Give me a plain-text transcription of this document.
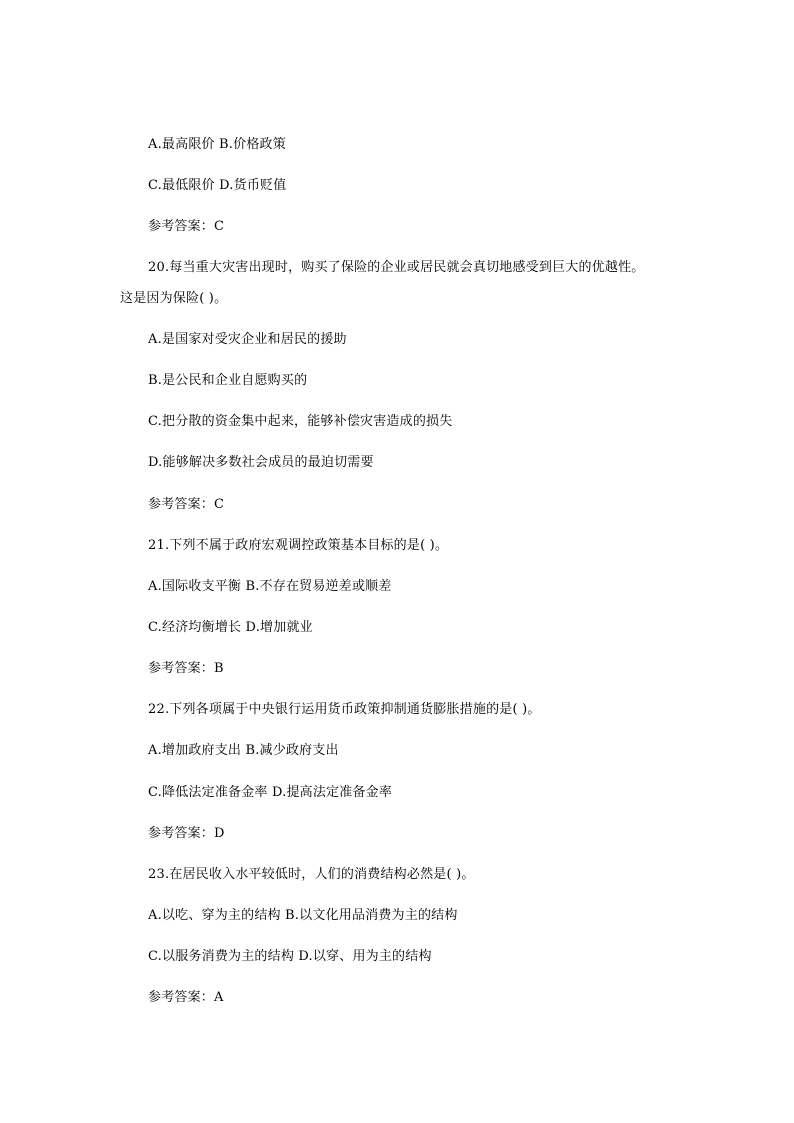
A.最高限价 B.价格政策
C.最低限价 D.货币贬值
参考答案：C
20.每当重大灾害出现时，购买了保险的企业或居民就会真切地感受到巨大的优越性。
这是因为保险( )。
A.是国家对受灾企业和居民的援助
B.是公民和企业自愿购买的
C.把分散的资金集中起来，能够补偿灾害造成的损失
D.能够解决多数社会成员的最迫切需要
参考答案：C
21.下列不属于政府宏观调控政策基本目标的是( )。
A.国际收支平衡 B.不存在贸易逆差或顺差
C.经济均衡增长 D.增加就业
参考答案：B
22.下列各项属于中央银行运用货币政策抑制通货膨胀措施的是( )。
A.增加政府支出 B.减少政府支出
C.降低法定准备金率 D.提高法定准备金率
参考答案：D
23.在居民收入水平较低时，人们的消费结构必然是( )。
A.以吃、穿为主的结构 B.以文化用品消费为主的结构
C.以服务消费为主的结构 D.以穿、用为主的结构
参考答案：A
